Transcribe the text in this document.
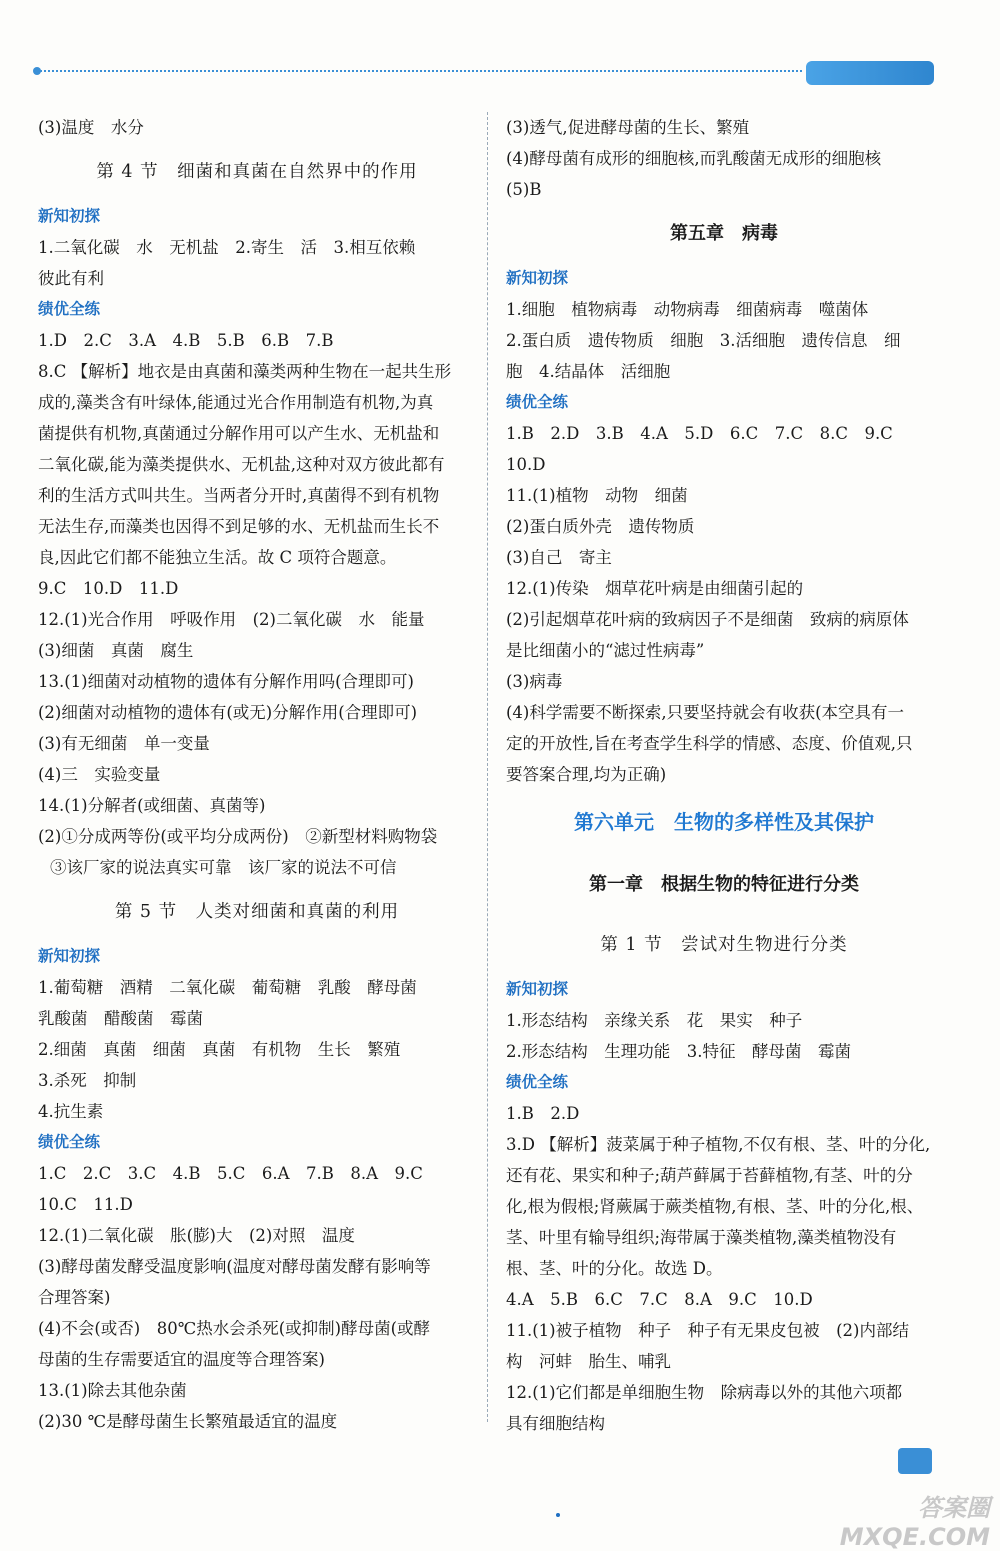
(3)温度　水分
第 4 节　细菌和真菌在自然界中的作用
新知初探
1.二氧化碳　水　无机盐　2.寄生　活　3.相互依赖
彼此有利
绩优全练
1.D　2.C　3.A　4.B　5.B　6.B　7.B
8.C 【解析】地衣是由真菌和藻类两种生物在一起共生形
成的,藻类含有叶绿体,能通过光合作用制造有机物,为真
菌提供有机物,真菌通过分解作用可以产生水、无机盐和
二氧化碳,能为藻类提供水、无机盐,这种对双方彼此都有
利的生活方式叫共生。当两者分开时,真菌得不到有机物
无法生存,而藻类也因得不到足够的水、无机盐而生长不
良,因此它们都不能独立生活。故 C 项符合题意。
9.C　10.D　11.D
12.(1)光合作用　呼吸作用　(2)二氧化碳　水　能量
(3)细菌　真菌　腐生
13.(1)细菌对动植物的遗体有分解作用吗(合理即可)
(2)细菌对动植物的遗体有(或无)分解作用(合理即可)
(3)有无细菌　单一变量
(4)三　实验变量
14.(1)分解者(或细菌、真菌等)
(2)①分成两等份(或平均分成两份)　②新型材料购物袋
③该厂家的说法真实可靠　该厂家的说法不可信
第 5 节　人类对细菌和真菌的利用
新知初探
1.葡萄糖　酒精　二氧化碳　葡萄糖　乳酸　酵母菌
乳酸菌　醋酸菌　霉菌
2.细菌　真菌　细菌　真菌　有机物　生长　繁殖
3.杀死　抑制
4.抗生素
绩优全练
1.C　2.C　3.C　4.B　5.C　6.A　7.B　8.A　9.C
10.C　11.D
12.(1)二氧化碳　胀(膨)大　(2)对照　温度
(3)酵母菌发酵受温度影响(温度对酵母菌发酵有影响等
合理答案)
(4)不会(或否)　80℃热水会杀死(或抑制)酵母菌(或酵
母菌的生存需要适宜的温度等合理答案)
13.(1)除去其他杂菌
(2)30 ℃是酵母菌生长繁殖最适宜的温度
(3)透气,促进酵母菌的生长、繁殖
(4)酵母菌有成形的细胞核,而乳酸菌无成形的细胞核
(5)B
第五章　病毒
新知初探
1.细胞　植物病毒　动物病毒　细菌病毒　噬菌体
2.蛋白质　遗传物质　细胞　3.活细胞　遗传信息　细
胞　4.结晶体　活细胞
绩优全练
1.B　2.D　3.B　4.A　5.D　6.C　7.C　8.C　9.C
10.D
11.(1)植物　动物　细菌
(2)蛋白质外壳　遗传物质
(3)自己　寄主
12.(1)传染　烟草花叶病是由细菌引起的
(2)引起烟草花叶病的致病因子不是细菌　致病的病原体
是比细菌小的“滤过性病毒”
(3)病毒
(4)科学需要不断探索,只要坚持就会有收获(本空具有一
定的开放性,旨在考查学生科学的情感、态度、价值观,只
要答案合理,均为正确)
第六单元　生物的多样性及其保护
第一章　根据生物的特征进行分类
第 1 节　尝试对生物进行分类
新知初探
1.形态结构　亲缘关系　花　果实　种子
2.形态结构　生理功能　3.特征　酵母菌　霉菌
绩优全练
1.B　2.D
3.D 【解析】菠菜属于种子植物,不仅有根、茎、叶的分化,
还有花、果实和种子;葫芦藓属于苔藓植物,有茎、叶的分
化,根为假根;肾蕨属于蕨类植物,有根、茎、叶的分化,根、
茎、叶里有输导组织;海带属于藻类植物,藻类植物没有
根、茎、叶的分化。故选 D。
4.A　5.B　6.C　7.C　8.A　9.C　10.D
11.(1)被子植物　种子　种子有无果皮包被　(2)内部结
构　河蚌　胎生、哺乳
12.(1)它们都是单细胞生物　除病毒以外的其他六项都
具有细胞结构
答案圈 MXQE.COM
